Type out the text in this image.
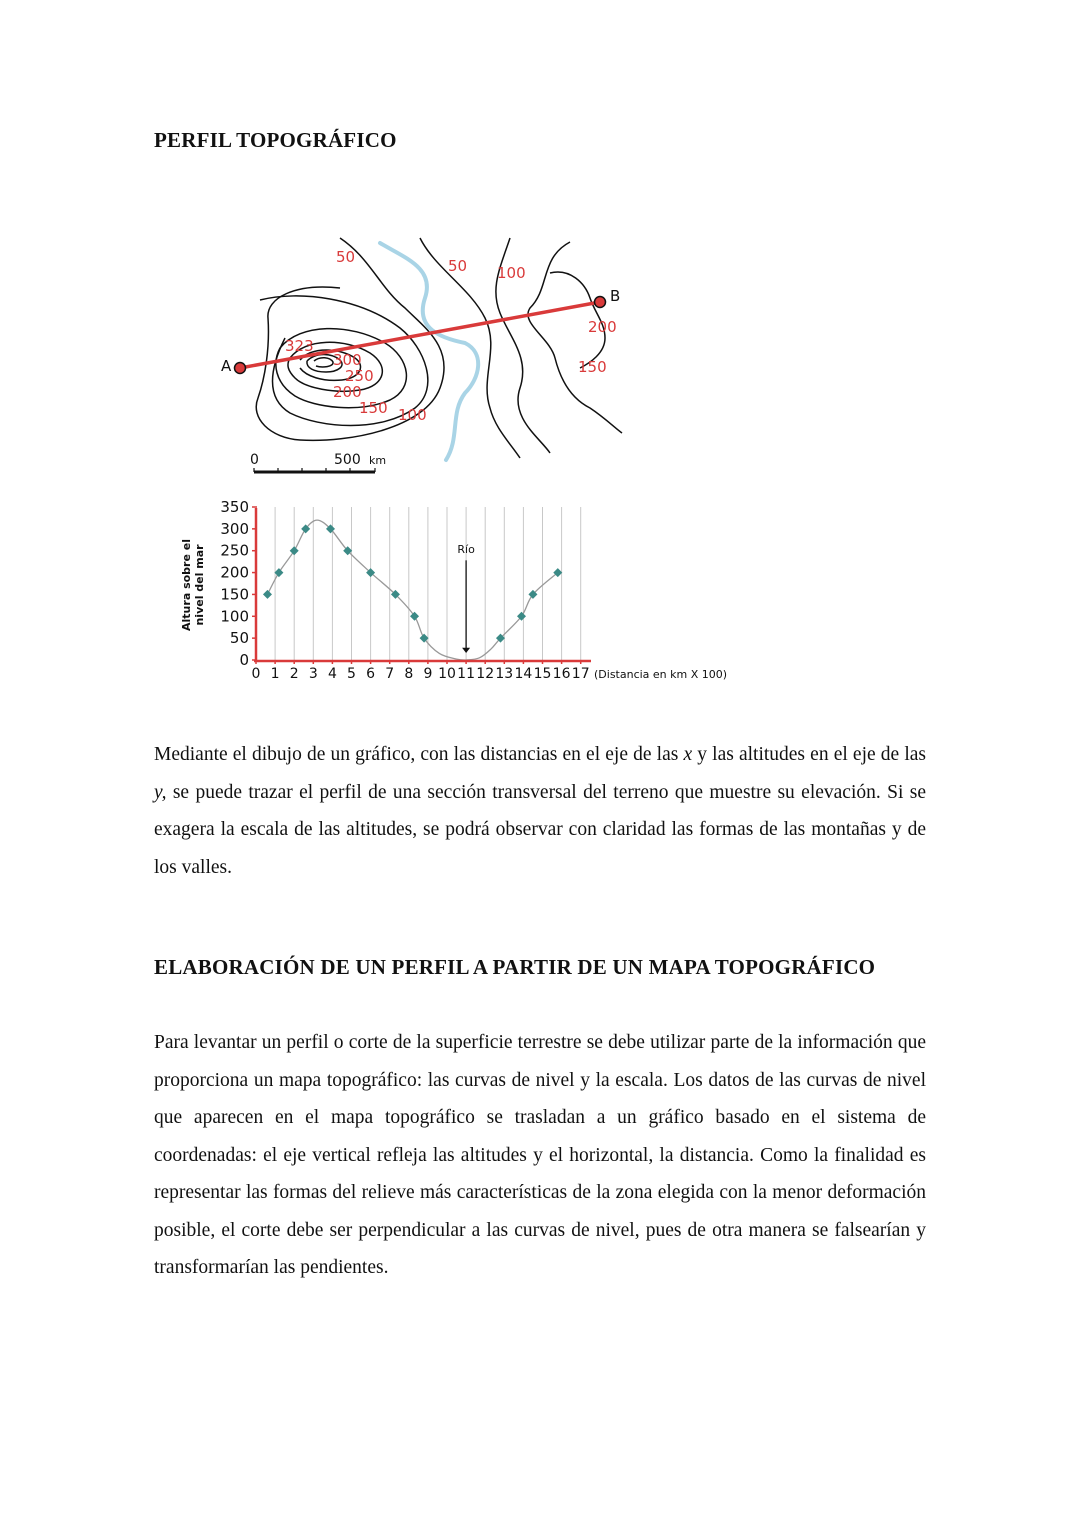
PERFIL TOPOGRÁFICO
A
B
50	50 100
323
300
250
200
150 100
200
150
0	500 km
0
50
100
150
200
250
300
350
0 1 2 3 4 5 6 7 8 9 10 11 12 13 14 15 16 17 (Distancia en km X 100)
Altura sobre el nivel del mar	Río

Mediante el dibujo de un gráfico, con las distancias en el eje de las x y las altitudes en el eje de las y, se puede trazar el perfil de una sección transversal del terreno que muestre su elevación. Si se exagera la escala de las altitudes, se podrá observar con claridad las formas de las montañas y de los valles.

ELABORACIÓN DE UN PERFIL A PARTIR DE UN MAPA TOPOGRÁFICO

Para levantar un perfil o corte de la superficie terrestre se debe utilizar parte de la información que proporciona un mapa topográfico: las curvas de nivel y la escala. Los datos de las curvas de nivel que aparecen en el mapa topográfico se trasladan a un gráfico basado en el sistema de coordenadas: el eje vertical refleja las altitudes y el horizontal, la distancia. Como la finalidad es representar las formas del relieve más características de la zona elegida con la menor deformación posible, el corte debe ser perpendicular a las curvas de nivel, pues de otra manera se falsearían y transformarían las pendientes.
